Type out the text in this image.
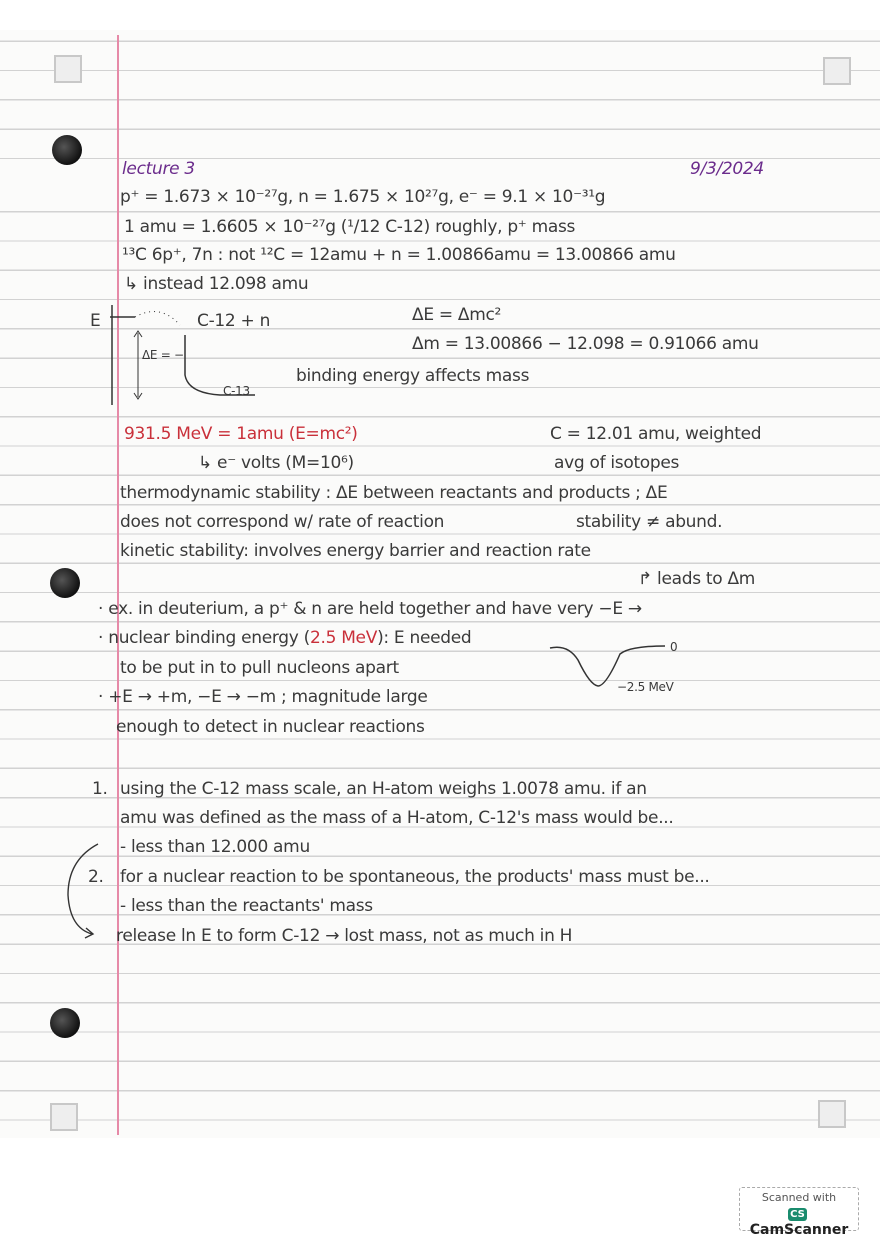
lecture 3	9/3/2024
p⁺ = 1.673 × 10⁻²⁷g, n = 1.675 × 10²⁷g, e⁻ = 9.1 × 10⁻³¹g
1 amu = 1.6605 × 10⁻²⁷g (¹/12 C-12) roughly, p⁺ mass
¹³C 6p⁺, 7n : not ¹²C = 12amu + n = 1.00866amu = 13.00866 amu
↳ instead 12.098 amu
E	C-12 + n
ΔE = −
C-13
ΔE = Δmc²
Δm = 13.00866 − 12.098 = 0.91066 amu
binding energy affects mass
931.5 MeV = 1amu (E=mc²)
↳ e⁻ volts (M=10⁶)
C = 12.01 amu, weighted
avg of isotopes
thermodynamic stability : ΔE between reactants and products ; ΔE
does not correspond w/ rate of reaction	stability ≠ abund.
kinetic stability: involves energy barrier and reaction rate
↱ leads to Δm
· ex. in deuterium, a p⁺ & n are held together and have very −E →
· nuclear binding energy (2.5 MeV): E needed
to be put in to pull nucleons apart
· +E → +m, −E → −m ; magnitude large
enough to detect in nuclear reactions
0
−2.5 MeV
1. using the C-12 mass scale, an H-atom weighs 1.0078 amu. if an
amu was defined as the mass of a H-atom, C-12's mass would be...
- less than 12.000 amu
2. for a nuclear reaction to be spontaneous, the products' mass must be...
- less than the reactants' mass
release ln E to form C-12 → lost mass, not as much in H
Scanned with
CSCamScanner
